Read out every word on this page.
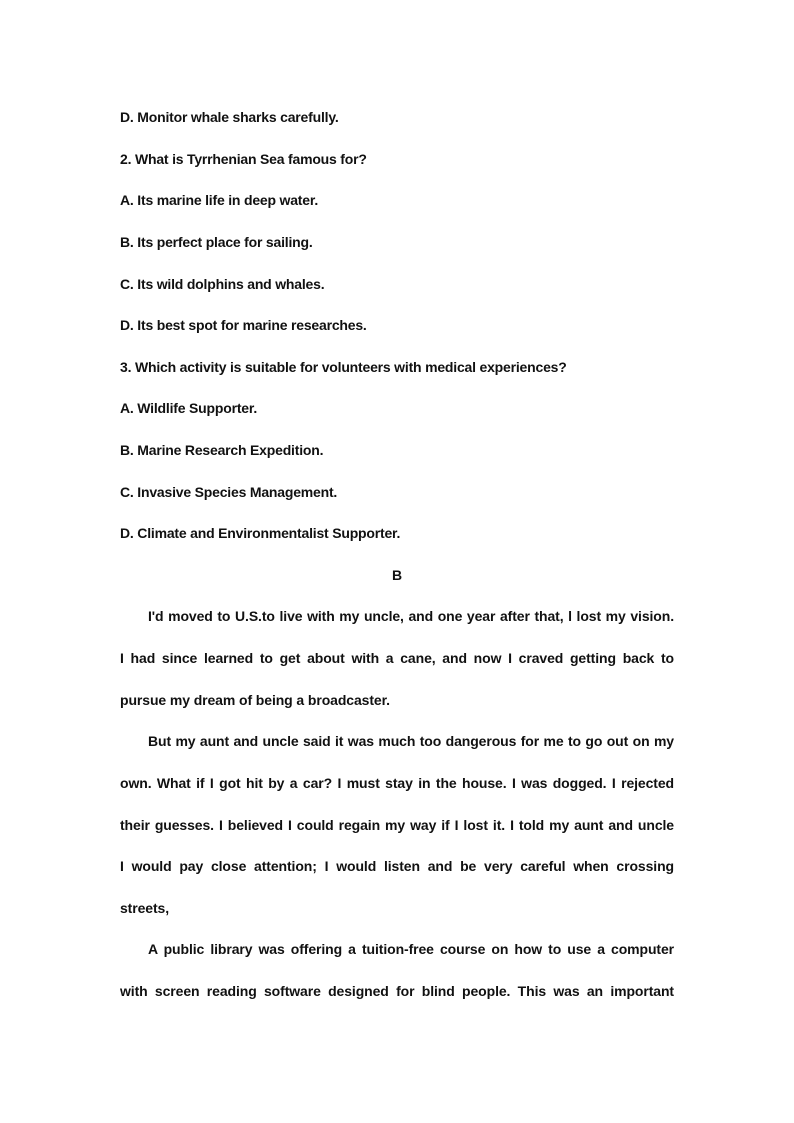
D. Monitor whale sharks carefully.
2. What is Tyrrhenian Sea famous for?
A. Its marine life in deep water.
B. Its perfect place for sailing.
C. Its wild dolphins and whales.
D. Its best spot for marine researches.
3. Which activity is suitable for volunteers with medical experiences?
A. Wildlife Supporter.
B. Marine Research Expedition.
C. Invasive Species Management.
D. Climate and Environmentalist Supporter.
B
I'd moved to U.S.to live with my uncle, and one year after that, l lost my vision.
I had since learned to get about with a cane, and now I craved getting back to
pursue my dream of being a broadcaster.
But my aunt and uncle said it was much too dangerous for me to go out on my
own. What if I got hit by a car? I must stay in the house. I was dogged. I rejected
their guesses. I believed I could regain my way if I lost it. I told my aunt and uncle
I would pay close attention; I would listen and be very careful when crossing
streets,
A public library was offering a tuition-free course on how to use a computer
with screen reading software designed for blind people. This was an important
